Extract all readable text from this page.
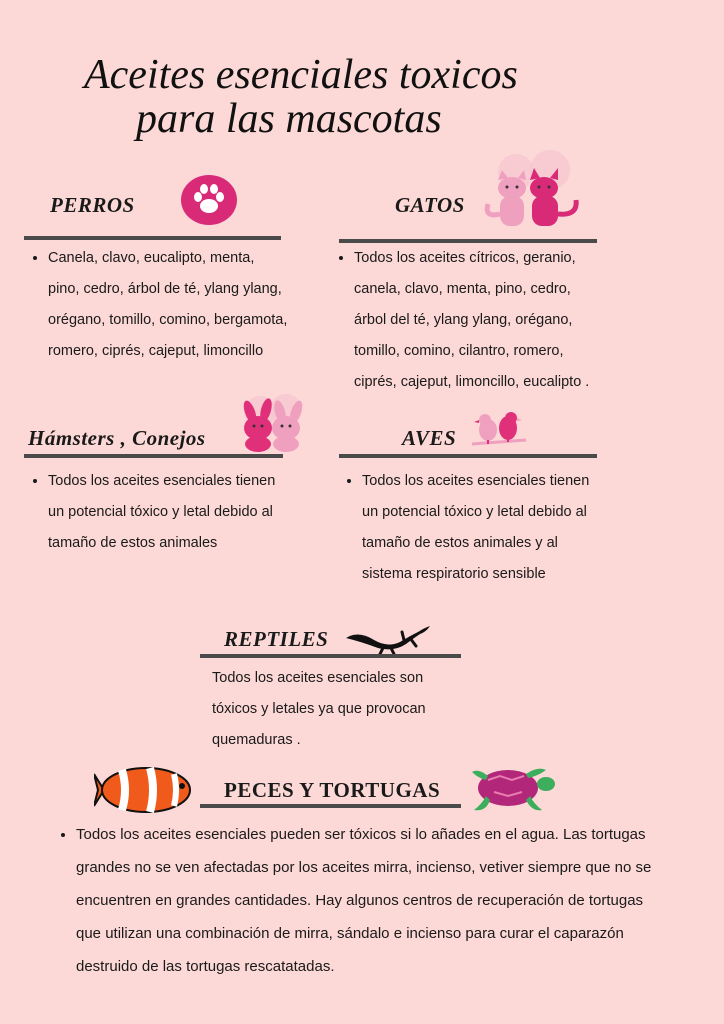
Aceites esenciales toxicos
para las mascotas
PERROS
• Canela, clavo, eucalipto, menta, pino, cedro, árbol de té, ylang ylang, orégano, tomillo, comino, bergamota, romero, ciprés, cajeput, limoncillo
GATOS
• Todos los aceites cítricos, geranio, canela, clavo, menta, pino, cedro, árbol del té, ylang ylang, orégano, tomillo, comino, cilantro, romero, ciprés, cajeput, limoncillo, eucalipto .
Hámsters , Conejos
• Todos los aceites esenciales tienen un potencial tóxico y letal debido al tamaño de estos animales
AVES
• Todos los aceites esenciales tienen un potencial tóxico y letal debido al tamaño de estos animales y al sistema respiratorio sensible
REPTILES

Todos los aceites esenciales son tóxicos y letales ya que provocan quemaduras .

PECES Y TORTUGAS
• Todos los aceites esenciales pueden ser tóxicos si lo añades en el agua. Las tortugas grandes no se ven afectadas por los aceites mirra, incienso, vetiver siempre que no se encuentren en grandes cantidades. Hay algunos centros de recuperación de tortugas que utilizan una combinación de mirra, sándalo e incienso para curar el caparazón destruido de las tortugas rescatatadas.
